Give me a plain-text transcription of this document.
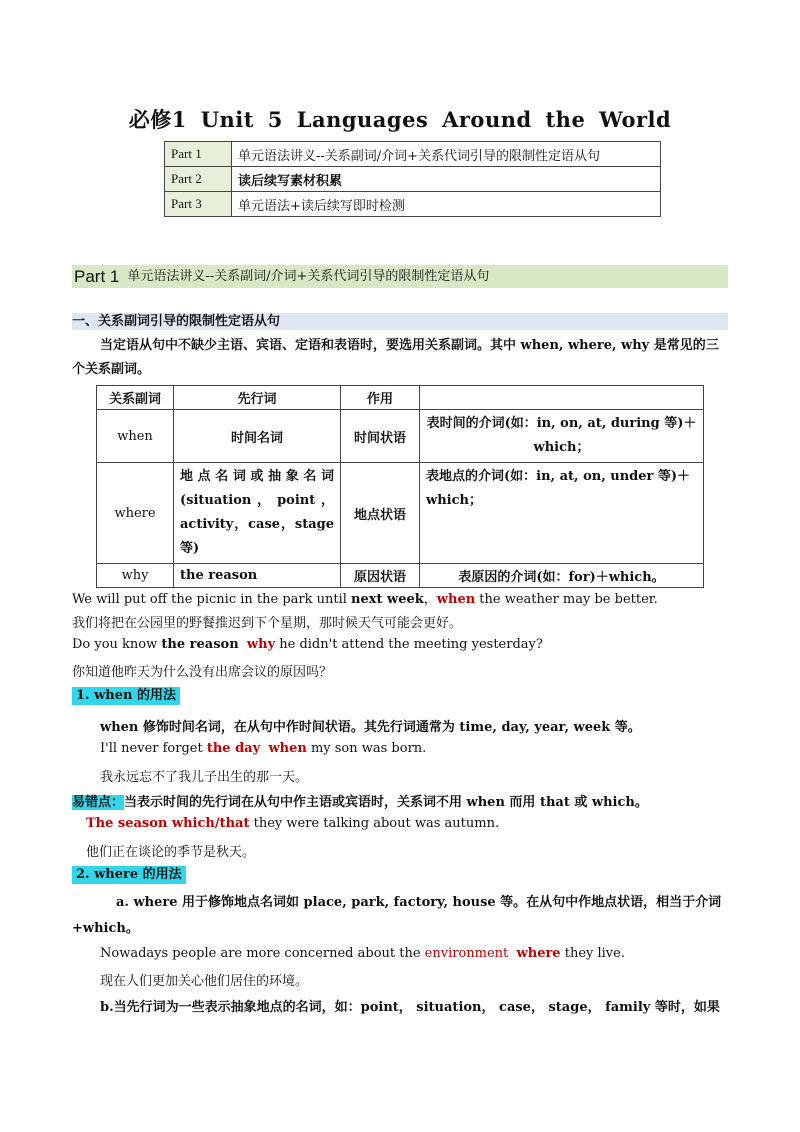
必修1 Unit 5 Languages Around the World
Part 1	单元语法讲义--关系副词/介词+关系代词引导的限制性定语从句
Part 2	读后续写素材积累
Part 3	单元语法+读后续写即时检测
Part 1 单元语法讲义--关系副词/介词+关系代词引导的限制性定语从句
一、关系副词引导的限制性定语从句
当定语从句中不缺少主语、宾语、定语和表语时，要选用关系副词。其中 when, where, why 是常见的三个关系副词。
关系副词	先行词	作用	
when	时间名词	时间状语	表时间的介词(如：in, on, at, during 等)＋which；
where	地 点 名 词 或 抽 象 名 词 (situation ， point ， activity，case，stage 等)	地点状语	表地点的介词(如：in, at, on, under 等)＋which；
why	the reason	原因状语	表原因的介词(如：for)＋which。
We will put off the picnic in the park until next week，when the weather may be better.
我们将把在公园里的野餐推迟到下个星期，那时候天气可能会更好。
Do you know the reason why he didn't attend the meeting yesterday?
你知道他昨天为什么没有出席会议的原因吗？
1. when 的用法
when 修饰时间名词，在从句中作时间状语。其先行词通常为 time, day, year, week 等。
I'll never forget the day when my son was born.
我永远忘不了我儿子出生的那一天。
易错点：当表示时间的先行词在从句中作主语或宾语时，关系词不用 when 而用 that 或 which。
The season which/that they were talking about was autumn.
他们正在谈论的季节是秋天。
2. where 的用法
a. where 用于修饰地点名词如 place, park, factory, house 等。在从句中作地点状语，相当于介词+which。
Nowadays people are more concerned about the environment where they live.
现在人们更加关心他们居住的环境。
b.当先行词为一些表示抽象地点的名词，如：point， situation， case， stage， family 等时，如果
